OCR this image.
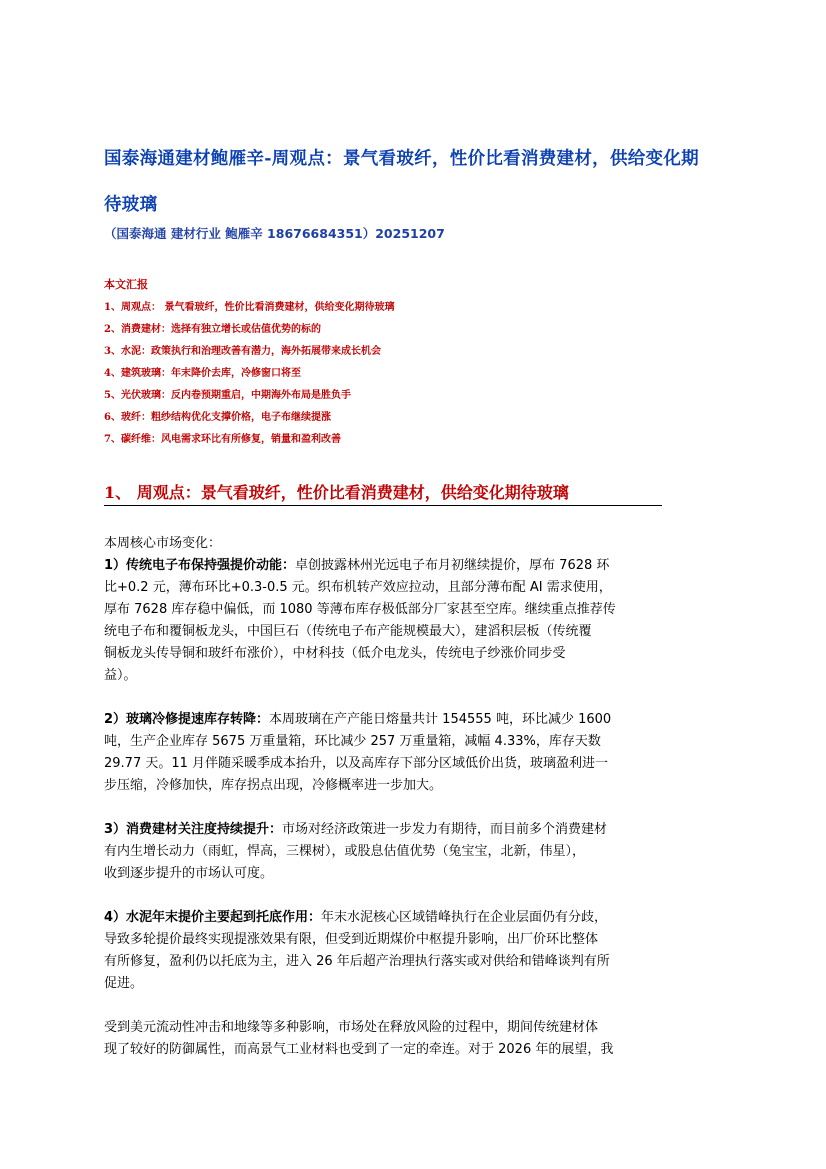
国泰海通建材鲍雁辛-周观点：景气看玻纤，性价比看消费建材，供给变化期
待玻璃
（国泰海通 建材行业 鲍雁辛 18676684351）20251207
本文汇报
1、周观点： 景气看玻纤，性价比看消费建材，供给变化期待玻璃
2、消费建材：选择有独立增长或估值优势的标的
3、水泥：政策执行和治理改善有潜力，海外拓展带来成长机会
4、建筑玻璃：年末降价去库，冷修窗口将至
5、光伏玻璃：反内卷预期重启，中期海外布局是胜负手
6、玻纤：粗纱结构优化支撑价格，电子布继续提涨
7、碳纤维：风电需求环比有所修复，销量和盈利改善
1、 周观点：景气看玻纤，性价比看消费建材，供给变化期待玻璃

本周核心市场变化：

1）传统电子布保持强提价动能：卓创披露林州光远电子布月初继续提价，厚布 7628 环
比+0.2 元，薄布环比+0.3-0.5 元。织布机转产效应拉动，且部分薄布配 AI 需求使用，
厚布 7628 库存稳中偏低，而 1080 等薄布库存极低部分厂家甚至空库。继续重点推荐传
统电子布和覆铜板龙头，中国巨石（传统电子布产能规模最大），建滔积层板（传统覆
铜板龙头传导铜和玻纤布涨价），中材科技（低介电龙头，传统电子纱涨价同步受
益）。

2）玻璃冷修提速库存转降：本周玻璃在产产能日熔量共计 154555 吨，环比减少 1600
吨，生产企业库存 5675 万重量箱，环比减少 257 万重量箱，减幅 4.33%，库存天数
29.77 天。11 月伴随采暖季成本抬升，以及高库存下部分区域低价出货，玻璃盈利进一
步压缩，冷修加快，库存拐点出现，冷修概率进一步加大。

3）消费建材关注度持续提升：市场对经济政策进一步发力有期待，而目前多个消费建材
有内生增长动力（雨虹，悍高，三棵树），或股息估值优势（兔宝宝，北新，伟星），
收到逐步提升的市场认可度。

4）水泥年末提价主要起到托底作用：年末水泥核心区域错峰执行在企业层面仍有分歧，
导致多轮提价最终实现提涨效果有限，但受到近期煤价中枢提升影响，出厂价环比整体
有所修复，盈利仍以托底为主，进入 26 年后超产治理执行落实或对供给和错峰谈判有所
促进。

受到美元流动性冲击和地缘等多种影响，市场处在释放风险的过程中，期间传统建材体
现了较好的防御属性，而高景气工业材料也受到了一定的牵连。对于 2026 年的展望，我
